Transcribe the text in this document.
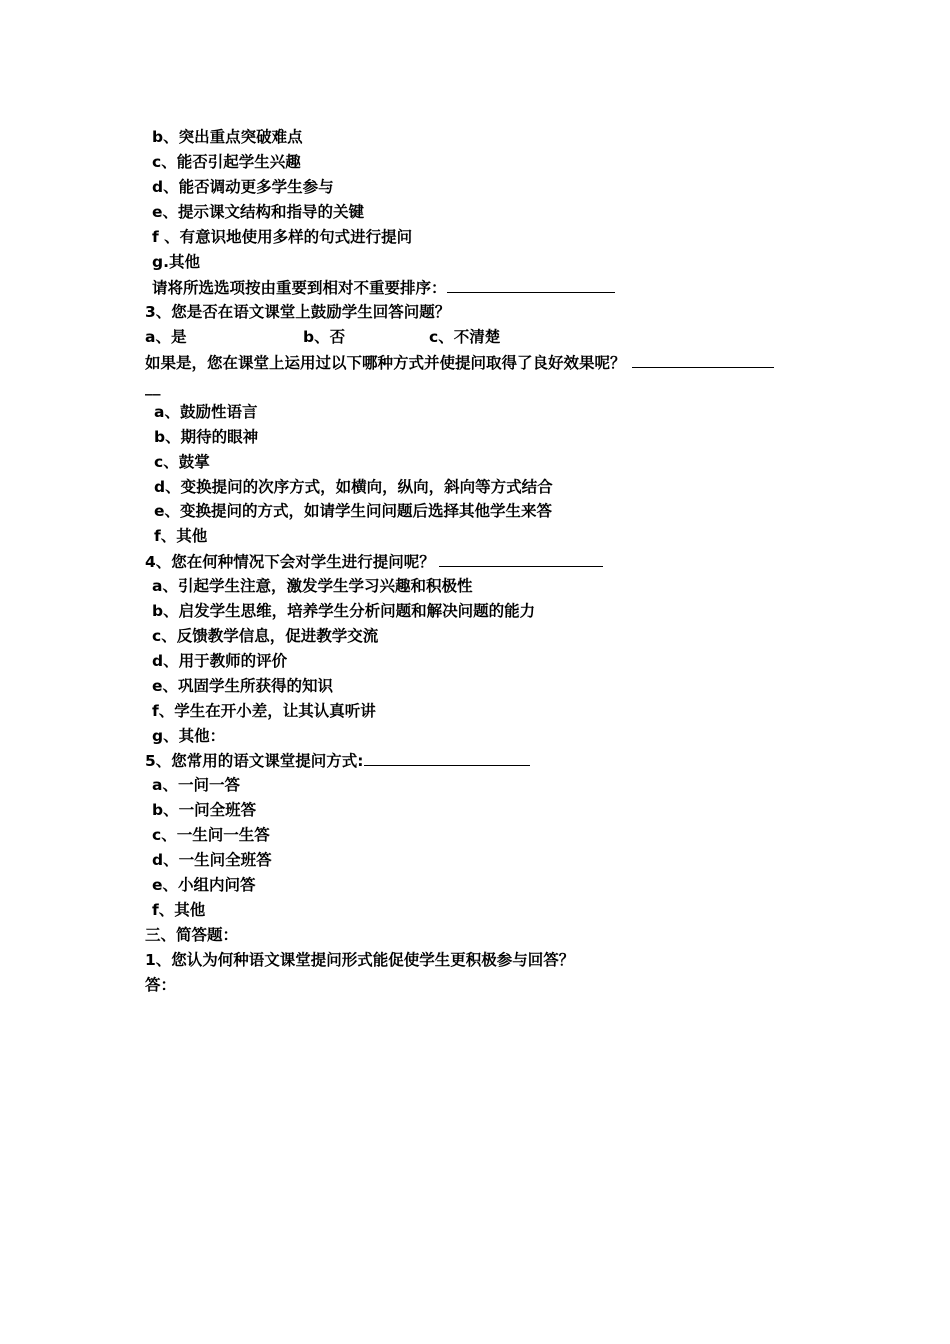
b、突出重点突破难点
c、能否引起学生兴趣
d、能否调动更多学生参与
e、提示课文结构和指导的关键
f 、有意识地使用多样的句式进行提问
g.其他
请将所选选项按由重要到相对不重要排序：
3、您是否在语文课堂上鼓励学生回答问题？
a、是	b、否	c、不清楚
如果是，您在课堂上运用过以下哪种方式并使提问取得了良好效果呢？
__
a、鼓励性语言
b、期待的眼神
c、鼓掌
d、变换提问的次序方式，如横向，纵向，斜向等方式结合
e、变换提问的方式，如请学生问问题后选择其他学生来答
f、其他
4、您在何种情况下会对学生进行提问呢？
a、引起学生注意，激发学生学习兴趣和积极性
b、启发学生思维，培养学生分析问题和解决问题的能力
c、反馈教学信息，促进教学交流
d、用于教师的评价
e、巩固学生所获得的知识
f、学生在开小差，让其认真听讲
g、其他：
5、您常用的语文课堂提问方式:
a、一问一答
b、一问全班答
c、一生问一生答
d、一生问全班答
e、小组内问答
f、其他
三、简答题：
1、您认为何种语文课堂提问形式能促使学生更积极参与回答？
答：
